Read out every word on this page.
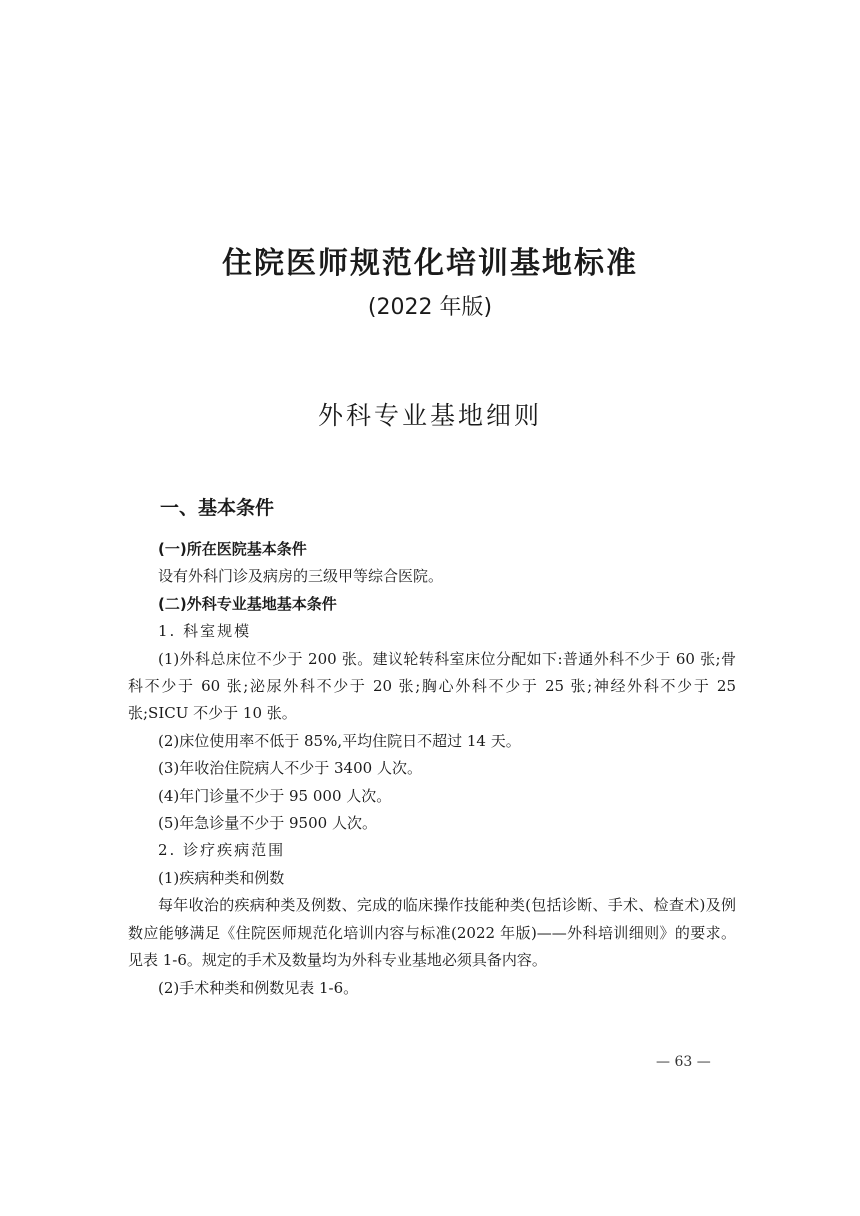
住院医师规范化培训基地标准
(2022 年版)
外科专业基地细则
一、基本条件

(一)所在医院基本条件

设有外科门诊及病房的三级甲等综合医院。

(二)外科专业基地基本条件

1. 科室规模

(1)外科总床位不少于 200 张。建议轮转科室床位分配如下:普通外科不少于 60 张;骨科不少于 60 张;泌尿外科不少于 20 张;胸心外科不少于 25 张;神经外科不少于 25 张;SICU 不少于 10 张。

(2)床位使用率不低于 85%,平均住院日不超过 14 天。

(3)年收治住院病人不少于 3400 人次。

(4)年门诊量不少于 95 000 人次。

(5)年急诊量不少于 9500 人次。

2. 诊疗疾病范围

(1)疾病种类和例数

每年收治的疾病种类及例数、完成的临床操作技能种类(包括诊断、手术、检查术)及例数应能够满足《住院医师规范化培训内容与标准(2022 年版)——外科培训细则》的要求。见表 1-6。规定的手术及数量均为外科专业基地必须具备内容。

(2)手术种类和例数见表 1-6。

— 63 —
